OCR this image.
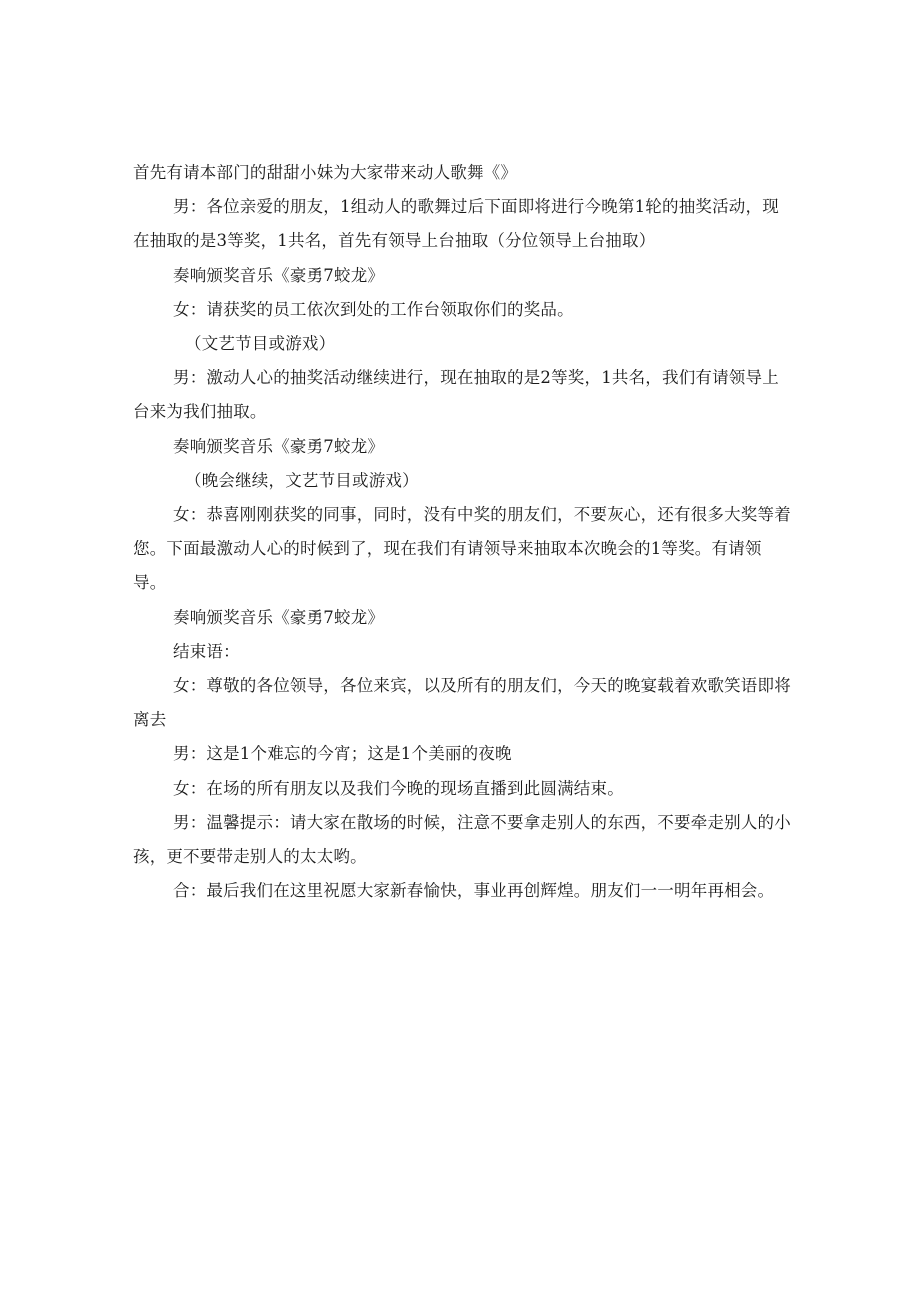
首先有请本部门的甜甜小妹为大家带来动人歌舞《》

男：各位亲爱的朋友，1组动人的歌舞过后下面即将进行今晚第1轮的抽奖活动，现在抽取的是3等奖，1共名，首先有领导上台抽取（分位领导上台抽取）

奏响颁奖音乐《豪勇7蛟龙》

女：请获奖的员工依次到处的工作台领取你们的奖品。

（文艺节目或游戏）

男：激动人心的抽奖活动继续进行，现在抽取的是2等奖，1共名，我们有请领导上台来为我们抽取。

奏响颁奖音乐《豪勇7蛟龙》

（晚会继续，文艺节目或游戏）

女：恭喜刚刚获奖的同事，同时，没有中奖的朋友们，不要灰心，还有很多大奖等着您。下面最激动人心的时候到了，现在我们有请领导来抽取本次晚会的1等奖。有请领导。

奏响颁奖音乐《豪勇7蛟龙》

结束语：

女：尊敬的各位领导，各位来宾，以及所有的朋友们，今天的晚宴载着欢歌笑语即将离去

男：这是1个难忘的今宵；这是1个美丽的夜晚

女：在场的所有朋友以及我们今晚的现场直播到此圆满结束。

男：温馨提示：请大家在散场的时候，注意不要拿走别人的东西，不要牵走别人的小孩，更不要带走别人的太太哟。

合：最后我们在这里祝愿大家新春愉快，事业再创辉煌。朋友们一一明年再相会。
